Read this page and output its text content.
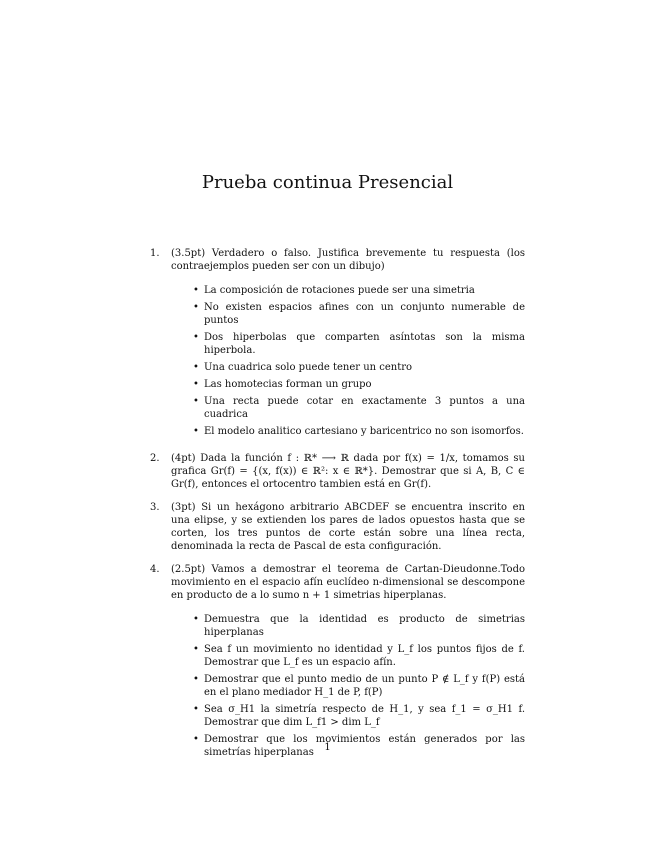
Prueba continua Presencial
1. (3.5pt) Verdadero o falso. Justifica brevemente tu respuesta (los contraejemplos pueden ser con un dibujo)
• La composición de rotaciones puede ser una simetria
• No existen espacios afines con un conjunto numerable de puntos
• Dos hiperbolas que comparten asíntotas son la misma hiperbola.
• Una cuadrica solo puede tener un centro
• Las homotecias forman un grupo
• Una recta puede cotar en exactamente 3 puntos a una cuadrica
• El modelo analitico cartesiano y baricentrico no son isomorfos.
2. (4pt) Dada la función f : ℝ* ⟶ ℝ dada por f(x) = 1/x, tomamos su grafica Gr(f) = {(x, f(x)) ∈ ℝ²: x ∈ ℝ*}. Demostrar que si A, B, C ∈ Gr(f), entonces el ortocentro tambien está en Gr(f).
3. (3pt) Si un hexágono arbitrario ABCDEF se encuentra inscrito en una elipse, y se extienden los pares de lados opuestos hasta que se corten, los tres puntos de corte están sobre una línea recta, denominada la recta de Pascal de esta configuración.
4. (2.5pt) Vamos a demostrar el teorema de Cartan-Dieudonne.Todo movimiento en el espacio afín euclídeo n-dimensional se descompone en producto de a lo sumo n + 1 simetrias hiperplanas.
• Demuestra que la identidad es producto de simetrias hiperplanas
• Sea f un movimiento no identidad y L_f los puntos fijos de f. Demostrar que L_f es un espacio afín.
• Demostrar que el punto medio de un punto P ∉ L_f y f(P) está en el plano mediador H_1 de P, f(P)
• Sea σ_H1 la simetría respecto de H_1, y sea f_1 = σ_H1 f. Demostrar que dim L_f1 > dim L_f
• Demostrar que los movimientos están generados por las simetrías hiperplanas	1
